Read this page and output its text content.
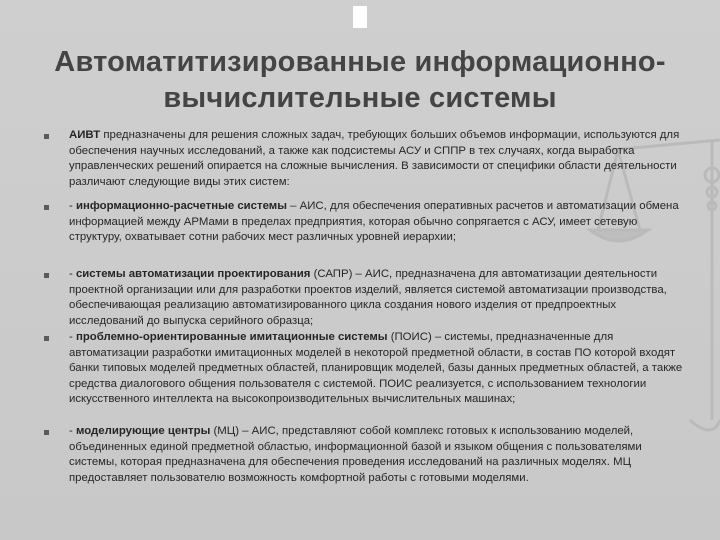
Автоматитизированные информационно-
вычислительные системы
АИВТ предназначены для решения сложных задач, требующих больших объемов информации, используются для обеспечения научных исследований, а также как подсистемы АСУ и СППР в тех случаях, когда выработка управленческих решений опирается на сложные вычисления. В зависимости от специфики области деятельности различают следующие виды этих систем:
- информационно-расчетные системы – АИС, для обеспечения оперативных расчетов и автоматизации обмена информацией между АРМами в пределах предприятия, которая обычно сопрягается с АСУ, имеет сетевую структуру, охватывает сотни рабочих мест различных уровней иерархии;
- системы автоматизации проектирования (САПР) – АИС, предназначена для автоматизации деятельности проектной организации или для разработки проектов изделий, является системой автоматизации производства, обеспечивающая реализацию автоматизированного цикла создания нового изделия от предпроектных исследований до выпуска серийного образца;
- проблемно-ориентированные имитационные системы (ПОИС) – системы, предназначенные для автоматизации разработки имитационных моделей в некоторой предметной области, в состав ПО которой входят банки типовых моделей предметных областей, планировщик моделей, базы данных предметных областей, а также средства диалогового общения пользователя с системой. ПОИС реализуется, с использованием технологии искусственного интеллекта на высокопроизводительных вычислительных машинах;
- моделирующие центры (МЦ) – АИС, представляют собой комплекс готовых к использованию моделей, объединенных единой предметной областью, информационной базой и языком общения с пользователями системы, которая предназначена для обеспечения проведения исследований на различных моделях. МЦ предоставляет пользователю возможность комфортной работы с готовыми моделями.
